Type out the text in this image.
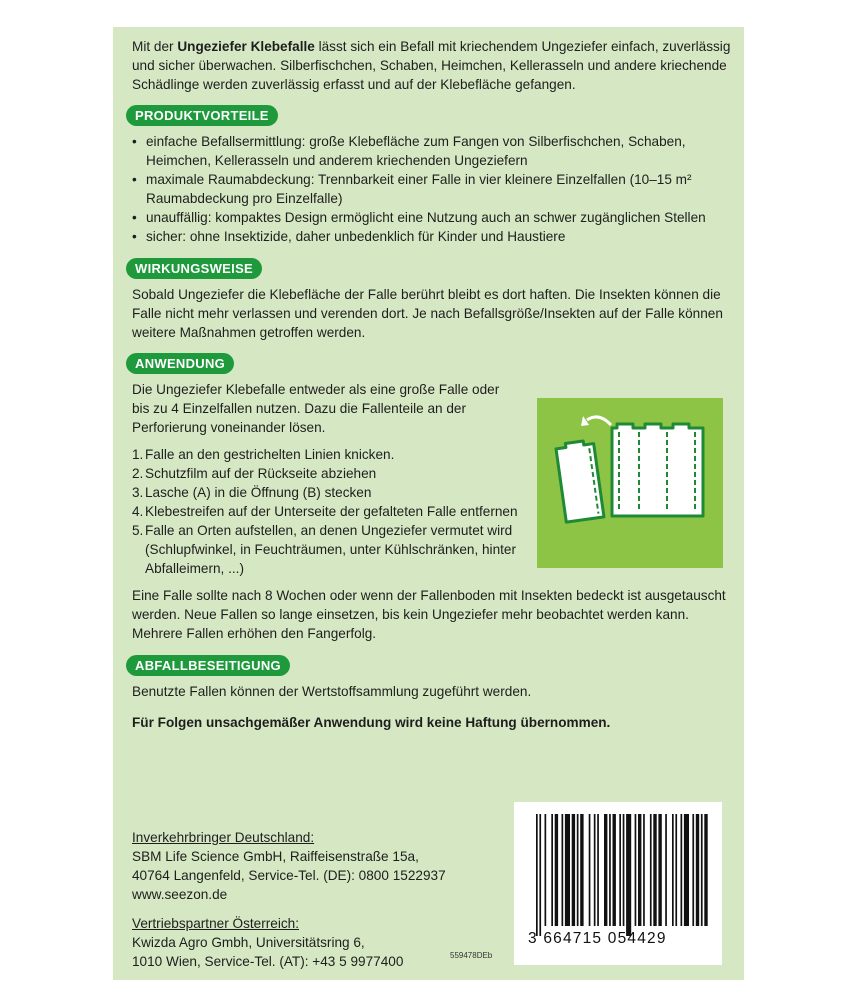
Mit der Ungeziefer Klebefalle lässt sich ein Befall mit kriechendem Ungeziefer einfach, zuverlässig und sicher überwachen. Silberfischchen, Schaben, Heimchen, Kellerasseln und andere kriechende Schädlinge werden zuverlässig erfasst und auf der Klebefläche gefangen.

PRODUKTVORTEILE
• einfache Befallsermittlung: große Klebefläche zum Fangen von Silberfischchen, Schaben, Heimchen, Kellerasseln und anderem kriechenden Ungeziefern
• maximale Raumabdeckung: Trennbarkeit einer Falle in vier kleinere Einzelfallen (10–15 m² Raumabdeckung pro Einzelfalle)
• unauffällig: kompaktes Design ermöglicht eine Nutzung auch an schwer zugänglichen Stellen
• sicher: ohne Insektizide, daher unbedenklich für Kinder und Haustiere
WIRKUNGSWEISE

Sobald Ungeziefer die Klebefläche der Falle berührt bleibt es dort haften. Die Insekten können die Falle nicht mehr verlassen und verenden dort. Je nach Befallsgröße/Insekten auf der Falle können weitere Maßnahmen getroffen werden.

ANWENDUNG

Die Ungeziefer Klebefalle entweder als eine große Falle oder bis zu 4 Einzelfallen nutzen. Dazu die Fallenteile an der Perforierung voneinander lösen.

1. Falle an den gestrichelten Linien knicken.
2. Schutzfilm auf der Rückseite abziehen
3. Lasche (A) in die Öffnung (B) stecken
4. Klebestreifen auf der Unterseite der gefalteten Falle entfernen
5. Falle an Orten aufstellen, an denen Ungeziefer vermutet wird (Schlupfwinkel, in Feuchträumen, unter Kühlschränken, hinter Abfalleimern, ...)

Eine Falle sollte nach 8 Wochen oder wenn der Fallenboden mit Insekten bedeckt ist ausgetauscht werden. Neue Fallen so lange einsetzen, bis kein Ungeziefer mehr beobachtet werden kann. Mehrere Fallen erhöhen den Fangerfolg.

ABFALLBESEITIGUNG

Benutzte Fallen können der Wertstoffsammlung zugeführt werden.

Für Folgen unsachgemäßer Anwendung wird keine Haftung übernommen.

Inverkehrbringer Deutschland:
SBM Life Science GmbH, Raiffeisenstraße 15a,
40764 Langenfeld, Service-Tel. (DE): 0800 1522937
www.seezon.de
Vertriebspartner Österreich:
Kwizda Agro Gmbh, Universitätsring 6,
1010 Wien, Service-Tel. (AT): +43 5 9977400	559478DEb
3 664715 054429
